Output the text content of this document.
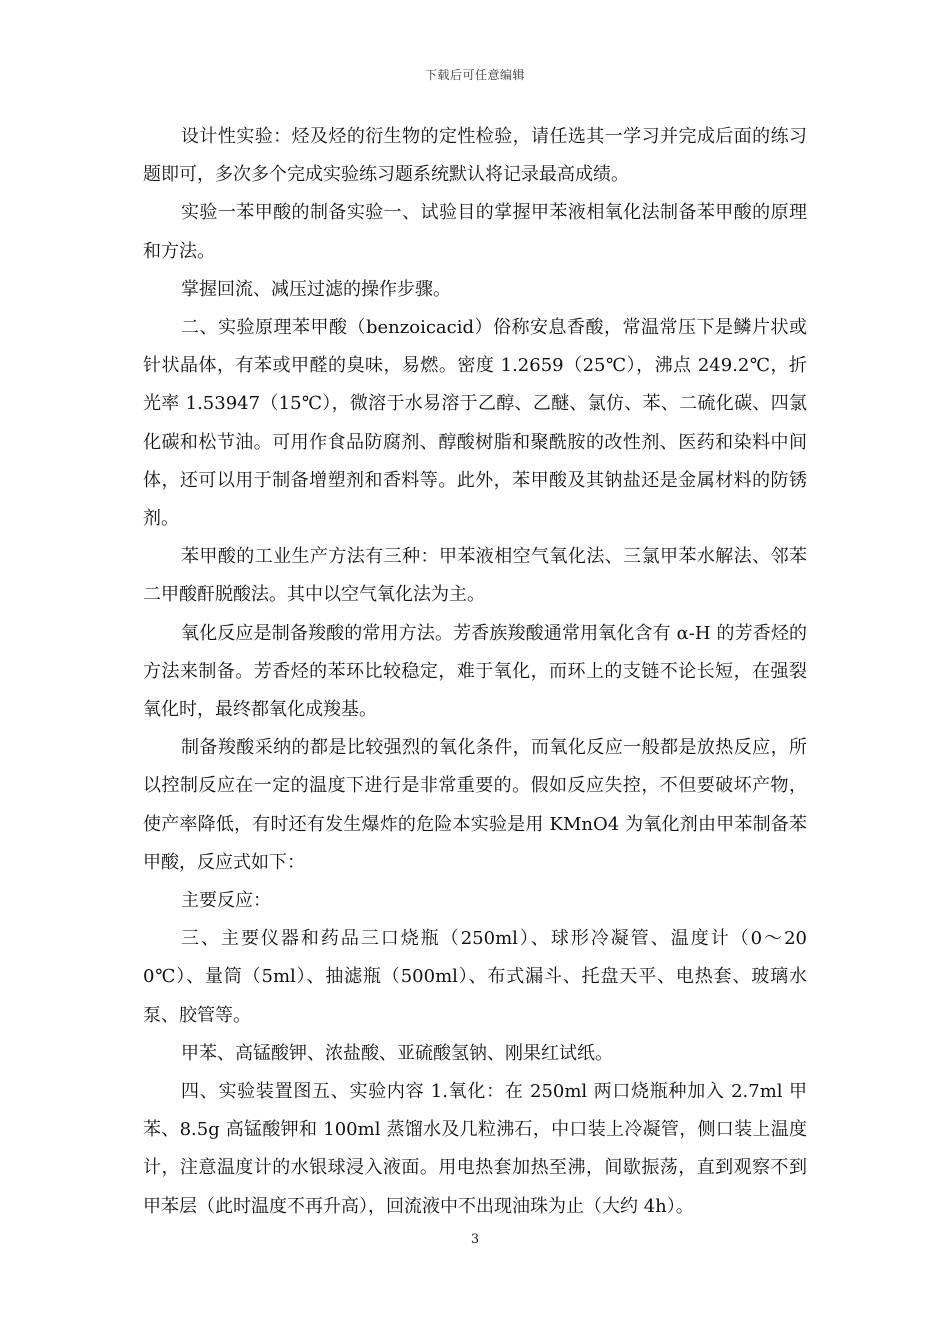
下载后可任意编辑

设计性实验：烃及烃的衍生物的定性检验，请任选其一学习并完成后面的练习题即可，多次多个完成实验练习题系统默认将记录最高成绩。

实验一苯甲酸的制备实验一、试验目的掌握甲苯液相氧化法制备苯甲酸的原理和方法。

掌握回流、减压过滤的操作步骤。

二、实验原理苯甲酸（benzoicacid）俗称安息香酸，常温常压下是鳞片状或针状晶体，有苯或甲醛的臭味，易燃。密度 1.2659（25℃），沸点 249.2℃，折光率 1.53947（15℃），微溶于水易溶于乙醇、乙醚、氯仿、苯、二硫化碳、四氯化碳和松节油。可用作食品防腐剂、醇酸树脂和聚酰胺的改性剂、医药和染料中间体，还可以用于制备增塑剂和香料等。此外，苯甲酸及其钠盐还是金属材料的防锈剂。

苯甲酸的工业生产方法有三种：甲苯液相空气氧化法、三氯甲苯水解法、邻苯二甲酸酐脱酸法。其中以空气氧化法为主。

氧化反应是制备羧酸的常用方法。芳香族羧酸通常用氧化含有 α-H 的芳香烃的方法来制备。芳香烃的苯环比较稳定，难于氧化，而环上的支链不论长短，在强裂氧化时，最终都氧化成羧基。

制备羧酸采纳的都是比较强烈的氧化条件，而氧化反应一般都是放热反应，所以控制反应在一定的温度下进行是非常重要的。假如反应失控，不但要破坏产物，使产率降低，有时还有发生爆炸的危险本实验是用 KMnO4 为氧化剂由甲苯制备苯甲酸，反应式如下：

主要反应：

三、主要仪器和药品三口烧瓶（250ml）、球形冷凝管、温度计（0～200℃）、量筒（5ml）、抽滤瓶（500ml）、布式漏斗、托盘天平、电热套、玻璃水泵、胶管等。

甲苯、高锰酸钾、浓盐酸、亚硫酸氢钠、刚果红试纸。

四、实验装置图五、实验内容 1.氧化：在 250ml 两口烧瓶种加入 2.7ml 甲苯、8.5g 高锰酸钾和 100ml 蒸馏水及几粒沸石，中口装上冷凝管，侧口装上温度计，注意温度计的水银球浸入液面。用电热套加热至沸，间歇振荡，直到观察不到甲苯层（此时温度不再升高），回流液中不出现油珠为止（大约 4h）。

3
